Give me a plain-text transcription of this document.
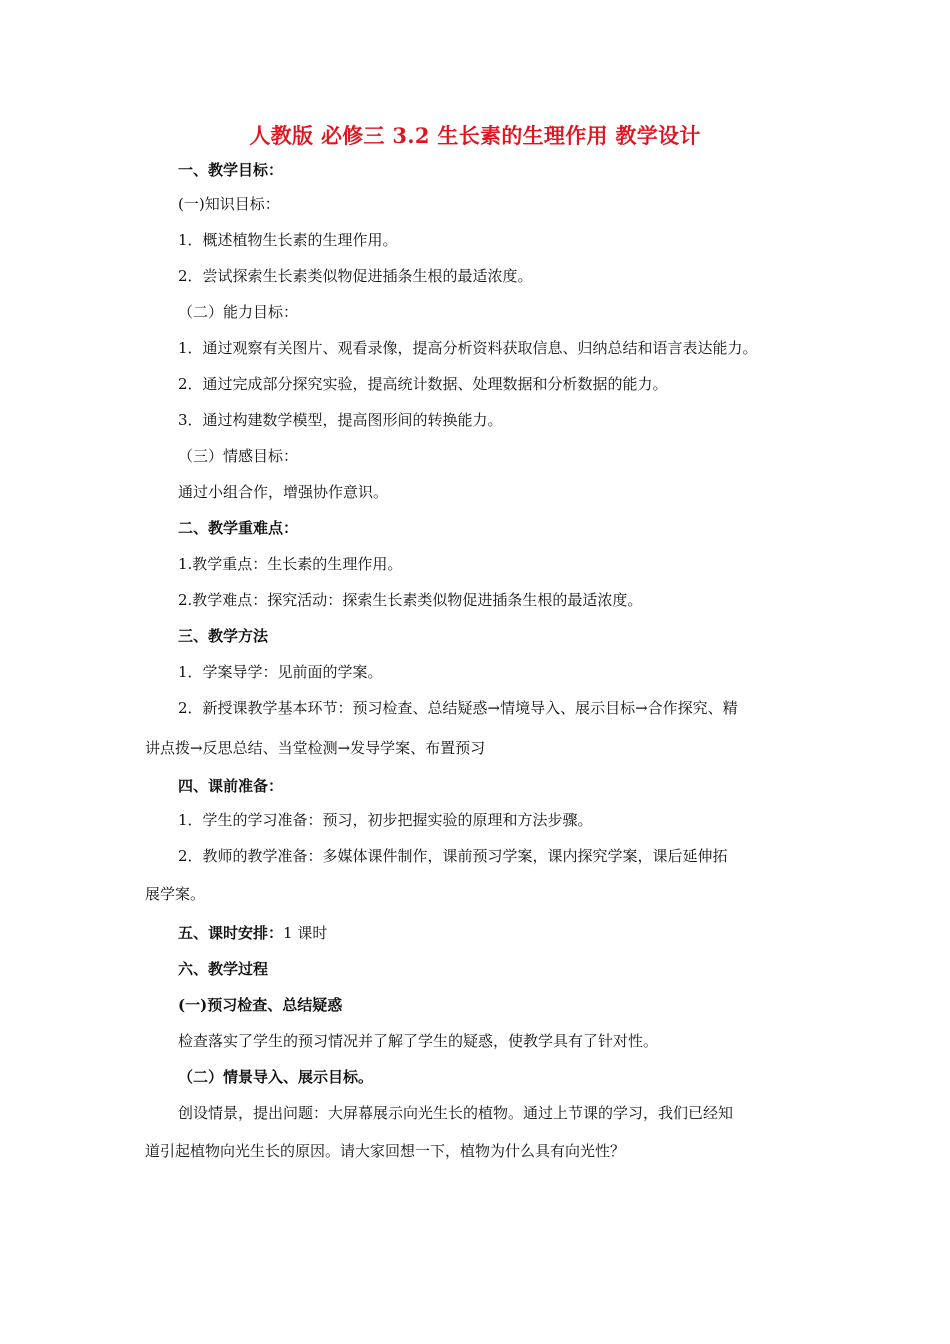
人教版 必修三 3.2 生长素的生理作用 教学设计
一、教学目标：
(一)知识目标：
1．概述植物生长素的生理作用。
2．尝试探索生长素类似物促进插条生根的最适浓度。
（二）能力目标：
1．通过观察有关图片、观看录像，提高分析资料获取信息、归纳总结和语言表达能力。
2．通过完成部分探究实验，提高统计数据、处理数据和分析数据的能力。
3．通过构建数学模型，提高图形间的转换能力。
（三）情感目标：
通过小组合作，增强协作意识。
二、教学重难点：
1.教学重点：生长素的生理作用。
2.教学难点：探究活动：探索生长素类似物促进插条生根的最适浓度。
三、教学方法
1．学案导学：见前面的学案。
2．新授课教学基本环节：预习检查、总结疑惑→情境导入、展示目标→合作探究、精
讲点拨→反思总结、当堂检测→发导学案、布置预习
四、课前准备：
1．学生的学习准备：预习，初步把握实验的原理和方法步骤。
2．教师的教学准备：多媒体课件制作，课前预习学案，课内探究学案，课后延伸拓
展学案。
五、课时安排：1 课时
六、教学过程
(一)预习检查、总结疑惑
检查落实了学生的预习情况并了解了学生的疑惑，使教学具有了针对性。
（二）情景导入、展示目标。
创设情景，提出问题：大屏幕展示向光生长的植物。通过上节课的学习，我们已经知
道引起植物向光生长的原因。请大家回想一下，植物为什么具有向光性？
